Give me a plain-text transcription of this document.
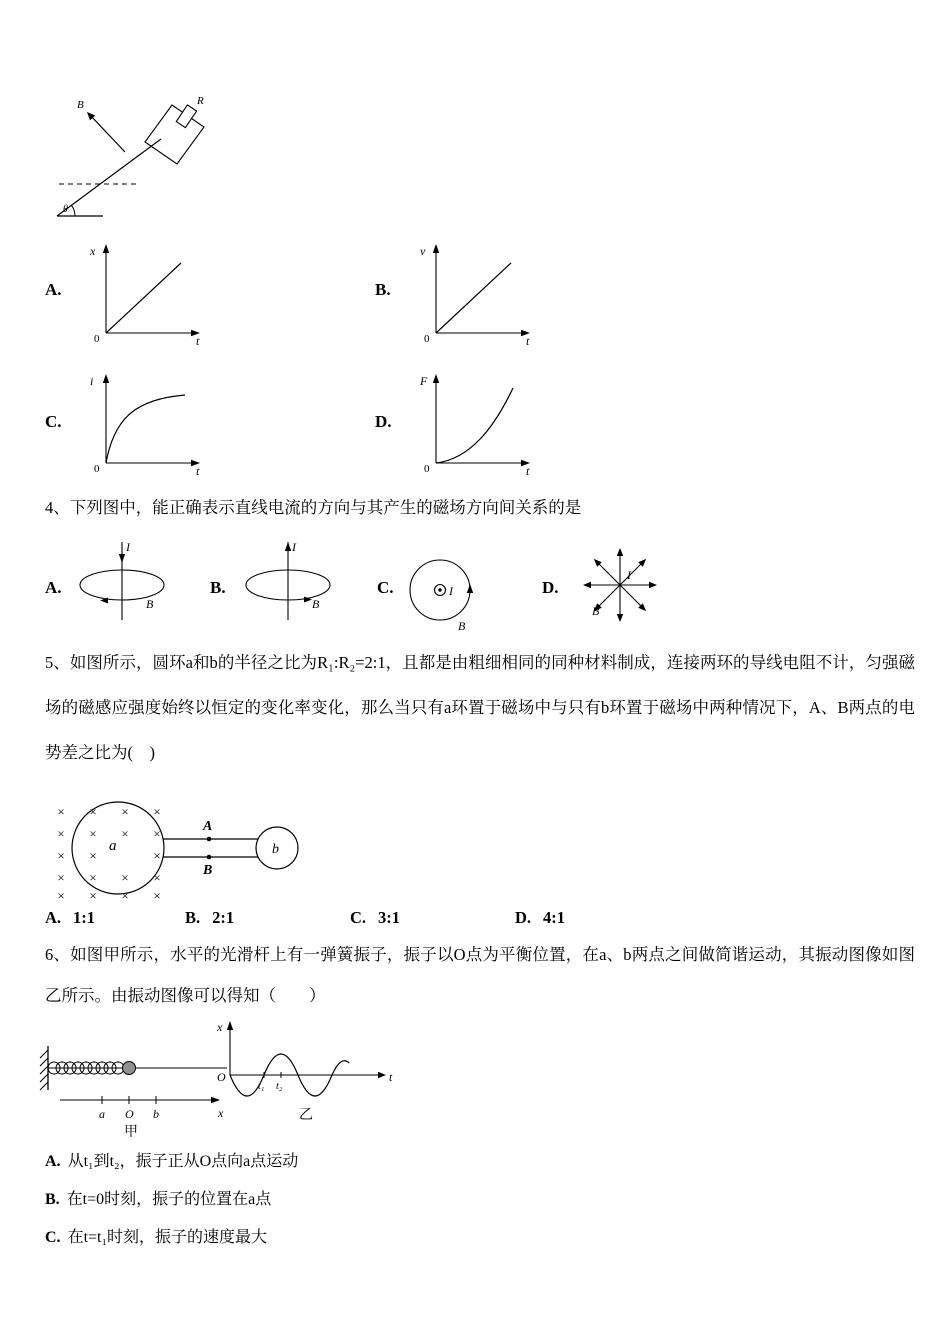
R
θ
B
A.
0
x
t
B.
0
v
t
C.
0
i
t
D.
0
F
t
4、下列图中，能正确表示直线电流的方向与其产生的磁场方向间关系的是
A.
I
B
B.
I
B
C.	I
B
D.
I
B
5、如图所示，圆环a和b的半径之比为R₁:R₂=2:1，且都是由粗细相同的同种材料制成，连接两环的导线电阻不计，匀强磁场的磁感应强度始终以恒定的变化率变化，那么当只有a环置于磁场中与只有b环置于磁场中两种情况下，A、B两点的电势差之比为(　)
× × × ×
× × × ×
× ×	×
× × × ×
× × × ×
a	b
A
B
A. 1:1	B. 2:1	C. 3:1	D. 4:1
6、如图甲所示，水平的光滑杆上有一弹簧振子，振子以O点为平衡位置，在a、b两点之间做简谐运动，其振动图像如图乙所示。由振动图像可以得知（　　）
a O b	x
甲
x
O	t
t₁ t₂
乙
A. 从t₁到t₂，振子正从O点向a点运动
B. 在t=0时刻，振子的位置在a点
C. 在t=t₁时刻，振子的速度最大
